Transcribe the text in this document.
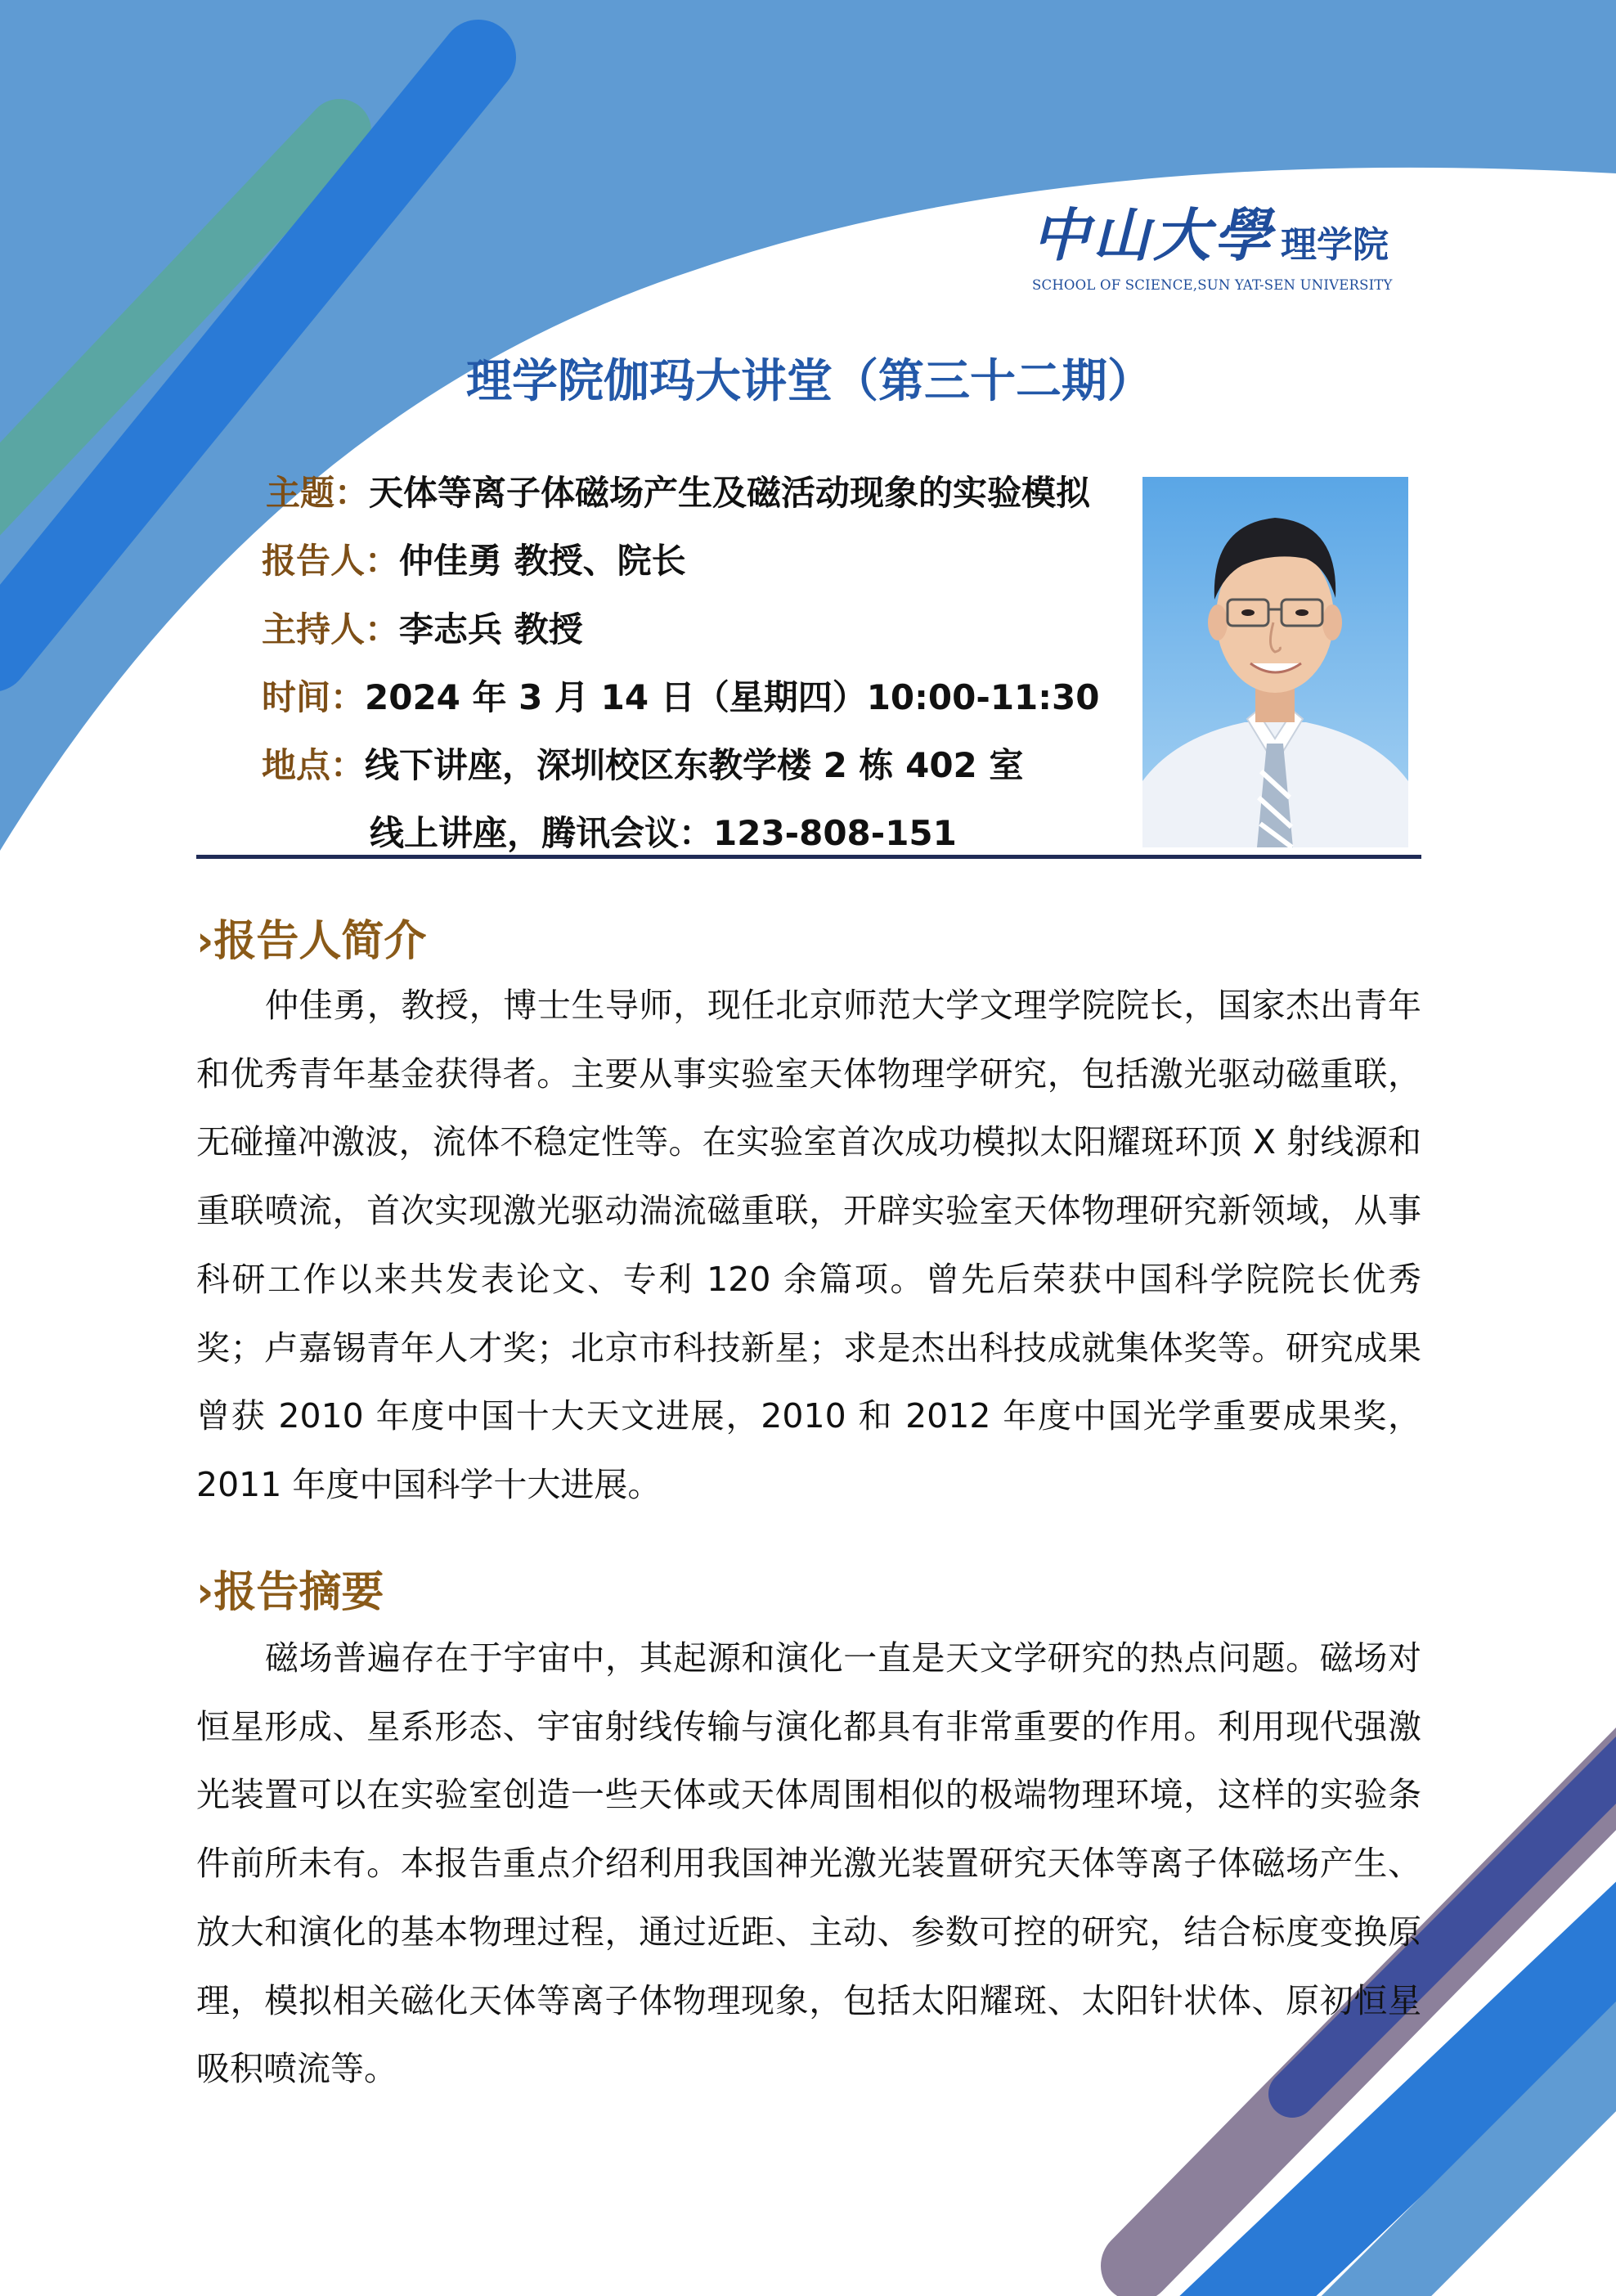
中山大學 理学院
SCHOOL OF SCIENCE,SUN YAT-SEN UNIVERSITY
理学院伽玛大讲堂（第三十二期）
主题：天体等离子体磁场产生及磁活动现象的实验模拟
报告人：仲佳勇 教授、院长
主持人：李志兵 教授
时间：2024 年 3 月 14 日（星期四）10:00-11:30
地点：线下讲座，深圳校区东教学楼 2 栋 402 室
线上讲座，腾讯会议：123-808-151
›报告人简介

仲佳勇，教授，博士生导师，现任北京师范大学文理学院院长，国家杰出青年和优秀青年基金获得者。主要从事实验室天体物理学研究，包括激光驱动磁重联，无碰撞冲激波，流体不稳定性等。在实验室首次成功模拟太阳耀斑环顶 X 射线源和重联喷流，首次实现激光驱动湍流磁重联，开辟实验室天体物理研究新领域，从事科研工作以来共发表论文、专利 120 余篇项。曾先后荣获中国科学院院长优秀奖；卢嘉锡青年人才奖；北京市科技新星；求是杰出科技成就集体奖等。研究成果曾获 2010 年度中国十大天文进展，2010 和 2012 年度中国光学重要成果奖，2011 年度中国科学十大进展。

›报告摘要

磁场普遍存在于宇宙中，其起源和演化一直是天文学研究的热点问题。磁场对恒星形成、星系形态、宇宙射线传输与演化都具有非常重要的作用。利用现代强激光装置可以在实验室创造一些天体或天体周围相似的极端物理环境，这样的实验条件前所未有。本报告重点介绍利用我国神光激光装置研究天体等离子体磁场产生、放大和演化的基本物理过程，通过近距、主动、参数可控的研究，结合标度变换原理，模拟相关磁化天体等离子体物理现象，包括太阳耀斑、太阳针状体、原初恒星吸积喷流等。
